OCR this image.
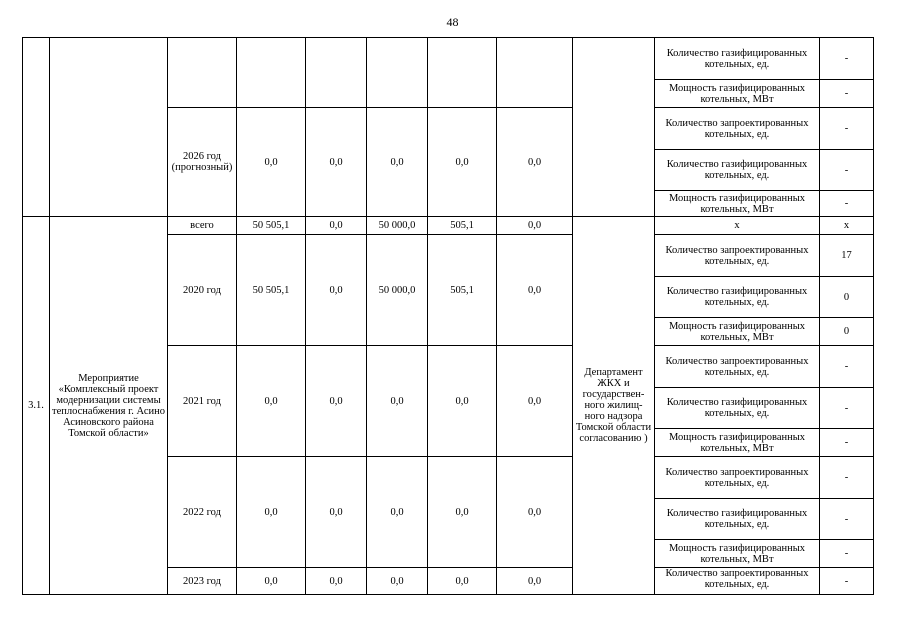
48
									Количество газифицированных котельных, ед.	-
									Мощность газифицированных котельных, МВт	-
		2026 год (прогнозный)	0,0	0,0	0,0	0,0	0,0		Количество запроектированных котельных, ед.	-
									Количество газифицированных котельных, ед.	-

									Мощность газифицированных котельных, МВт	-

3.1.	Мероприятие «Комплексный проект модернизации системы теплоснабжения г. Асино Асиновского района Томской области»	всего	50 505,1	0,0	50 000,0	505,1	0,0	Департамент ЖКХ и государствен-ного жилищ-ного надзора Томской области согласованию )	x	x
		2020 год	50 505,1	0,0	50 000,0	505,1	0,0		Количество запроектированных котельных, ед.	17
									Количество газифицированных котельных, ед.	0
									Мощность газифицированных котельных, МВт	0
		2021 год	0,0	0,0	0,0	0,0	0,0		Количество запроектированных котельных, ед.	-
									Количество газифицированных котельных, ед.	-
									Мощность газифицированных котельных, МВт	-
		2022 год	0,0	0,0	0,0	0,0	0,0		Количество запроектированных котельных, ед.	-
									Количество газифицированных котельных, ед.	-
									Мощность газифицированных котельных, МВт	-
		2023 год	0,0	0,0	0,0	0,0	0,0		Количество запроектированных котельных, ед.	-
